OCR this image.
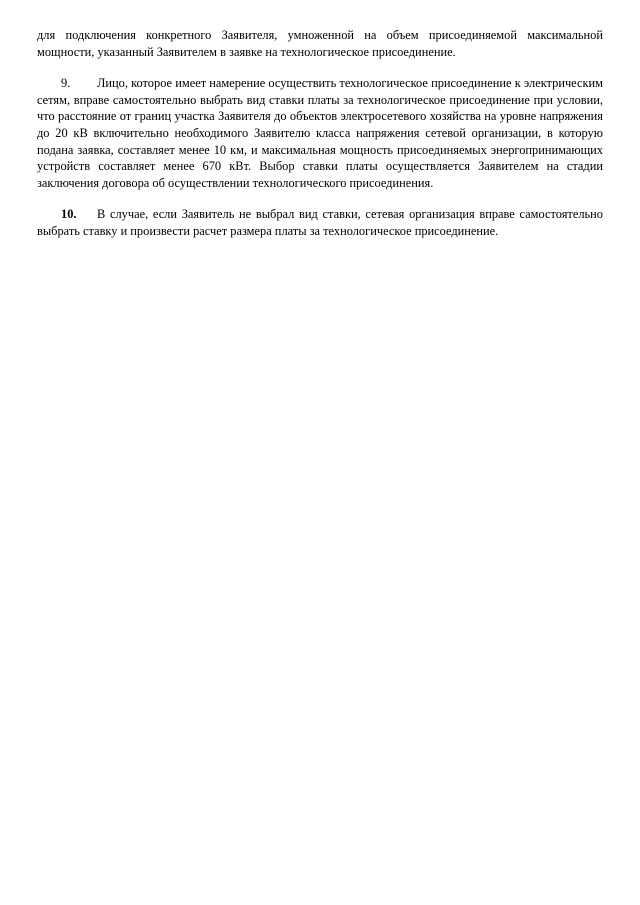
для подключения конкретного Заявителя, умноженной на объем присоединяемой максимальной мощности, указанный Заявителем в заявке на технологическое присоединение.

9. Лицо, которое имеет намерение осуществить технологическое присоединение к электрическим сетям, вправе самостоятельно выбрать вид ставки платы за технологическое присоединение при условии, что расстояние от границ участка Заявителя до объектов электросетевого хозяйства на уровне напряжения до 20 кВ включительно необходимого Заявителю класса напряжения сетевой организации, в которую подана заявка, составляет менее 10 км, и максимальная мощность присоединяемых энергопринимающих устройств составляет менее 670 кВт. Выбор ставки платы осуществляется Заявителем на стадии заключения договора об осуществлении технологического присоединения.

10. В случае, если Заявитель не выбрал вид ставки, сетевая организация вправе самостоятельно выбрать ставку и произвести расчет размера платы за технологическое присоединение.
